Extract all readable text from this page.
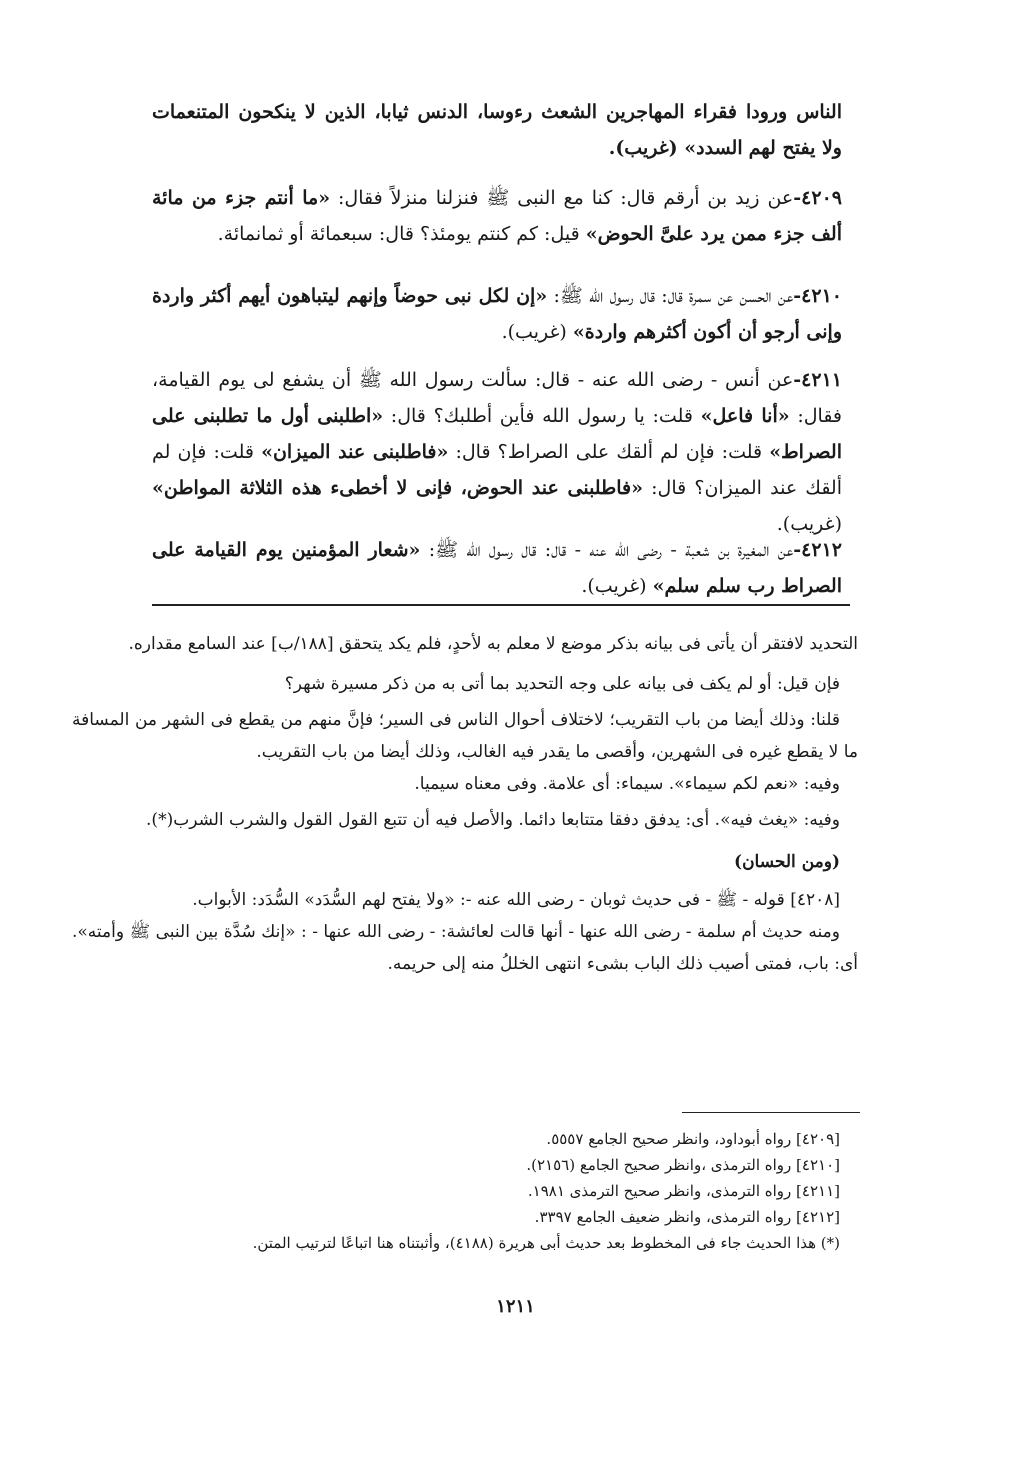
الناس ورودا فقراء المهاجرين الشعث رءوسا، الدنس ثيابا، الذين لا ينكحون المتنعمات ولا يفتح لهم السدد» (غريب).
٤٢٠٩-عن زيد بن أرقم قال: كنا مع النبى ﷺ فنزلنا منزلاً فقال: «ما أنتم جزء من مائة ألف جزء ممن يرد علىَّ الحوض» قيل: كم كنتم يومئذ؟ قال: سبعمائة أو ثمانمائة.
٤٢١٠-عن الحسن عن سمرة قال: قال رسول الله ﷺ: «إن لكل نبى حوضاً وإنهم ليتباهون أيهم أكثر واردة وإنى أرجو أن أكون أكثرهم واردة» (غريب).
٤٢١١-عن أنس - رضى الله عنه - قال: سألت رسول الله ﷺ أن يشفع لى يوم القيامة، فقال: «أنا فاعل» قلت: يا رسول الله فأين أطلبك؟ قال: «اطلبنى أول ما تطلبنى على الصراط» قلت: فإن لم ألقك على الصراط؟ قال: «فاطلبنى عند الميزان» قلت: فإن لم ألقك عند الميزان؟ قال: «فاطلبنى عند الحوض، فإنى لا أخطىء هذه الثلاثة المواطن» (غريب).
٤٢١٢-عن المغيرة بن شعبة - رضى الله عنه - قال: قال رسول الله ﷺ: «شعار المؤمنين يوم القيامة على الصراط رب سلم سلم» (غريب).
التحديد لافتقر أن يأتى فى بيانه بذكر موضع لا معلم به لأحدٍ، فلم يكد يتحقق [١٨٨/ب] عند السامع مقداره.
فإن قيل: أو لم يكف فى بيانه على وجه التحديد بما أتى به من ذكر مسيرة شهر؟
قلنا: وذلك أيضا من باب التقريب؛ لاختلاف أحوال الناس فى السير؛ فإنَّ منهم من يقطع فى الشهر من المسافة ما لا يقطع غيره فى الشهرين، وأقصى ما يقدر فيه الغالب، وذلك أيضا من باب التقريب.
وفيه: «نعم لكم سيماء». سيماء: أى علامة. وفى معناه سيميا.
وفيه: «يغث فيه». أى: يدفق دفقا متتابعا دائما. والأصل فيه أن تتبع القول القول والشرب الشرب(*).
(ومن الحسان)
[٤٢٠٨] قوله - ﷺ - فى حديث ثوبان - رضى الله عنه -: «ولا يفتح لهم السُّدَد» السُّدَد: الأبواب.
ومنه حديث أم سلمة - رضى الله عنها - أنها قالت لعائشة: - رضى الله عنها - : «إنك سُدَّة بين النبى ﷺ وأمته». أى: باب، فمتى أصيب ذلك الباب بشىء انتهى الخللُ منه إلى حريمه.
[٤٢٠٩] رواه أبوداود، وانظر صحيح الجامع ٥٥٥٧.
[٤٢١٠] رواه الترمذى ،وانظر صحيح الجامع (٢١٥٦).
[٤٢١١] رواه الترمذى، وانظر صحيح الترمذى ١٩٨١.
[٤٢١٢] رواه الترمذى، وانظر ضعيف الجامع ٣٣٩٧.
(*) هذا الحديث جاء فى المخطوط بعد حديث أبى هريرة (٤١٨٨)، وأثبتناه هنا اتباعًا لترتيب المتن.
١٢١١
